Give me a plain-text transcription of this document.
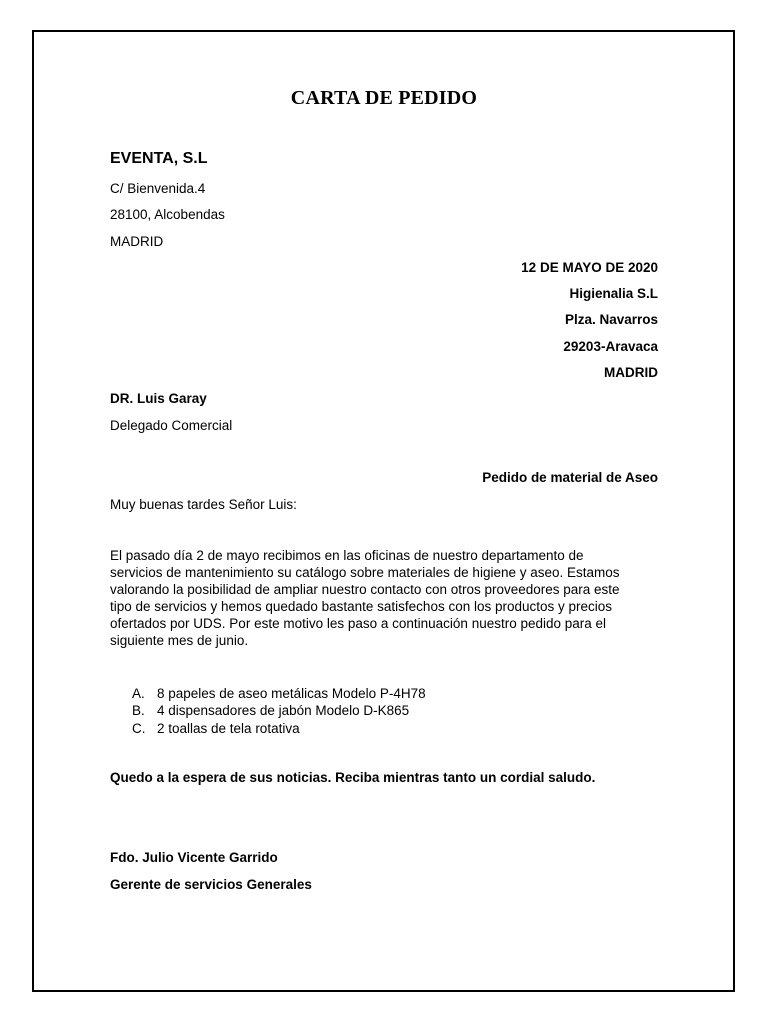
CARTA DE PEDIDO
EVENTA, S.L
C/ Bienvenida.4
28100, Alcobendas
MADRID
12 DE MAYO DE 2020
Higienalia S.L
Plza. Navarros
29203-Aravaca
MADRID
DR. Luis Garay
Delegado Comercial
Pedido de material de Aseo
Muy buenas tardes Señor Luis:
El pasado día 2 de mayo recibimos en las oficinas de nuestro departamento de
servicios de mantenimiento su catálogo sobre materiales de higiene y aseo. Estamos
valorando la posibilidad de ampliar nuestro contacto con otros proveedores para este
tipo de servicios y hemos quedado bastante satisfechos con los productos y precios
ofertados por UDS. Por este motivo les paso a continuación nuestro pedido para el
siguiente mes de junio.
A. 8 papeles de aseo metálicas Modelo P-4H78
B. 4 dispensadores de jabón Modelo D-K865
C. 2 toallas de tela rotativa
Quedo a la espera de sus noticias. Reciba mientras tanto un cordial saludo.
Fdo. Julio Vicente Garrido
Gerente de servicios Generales
